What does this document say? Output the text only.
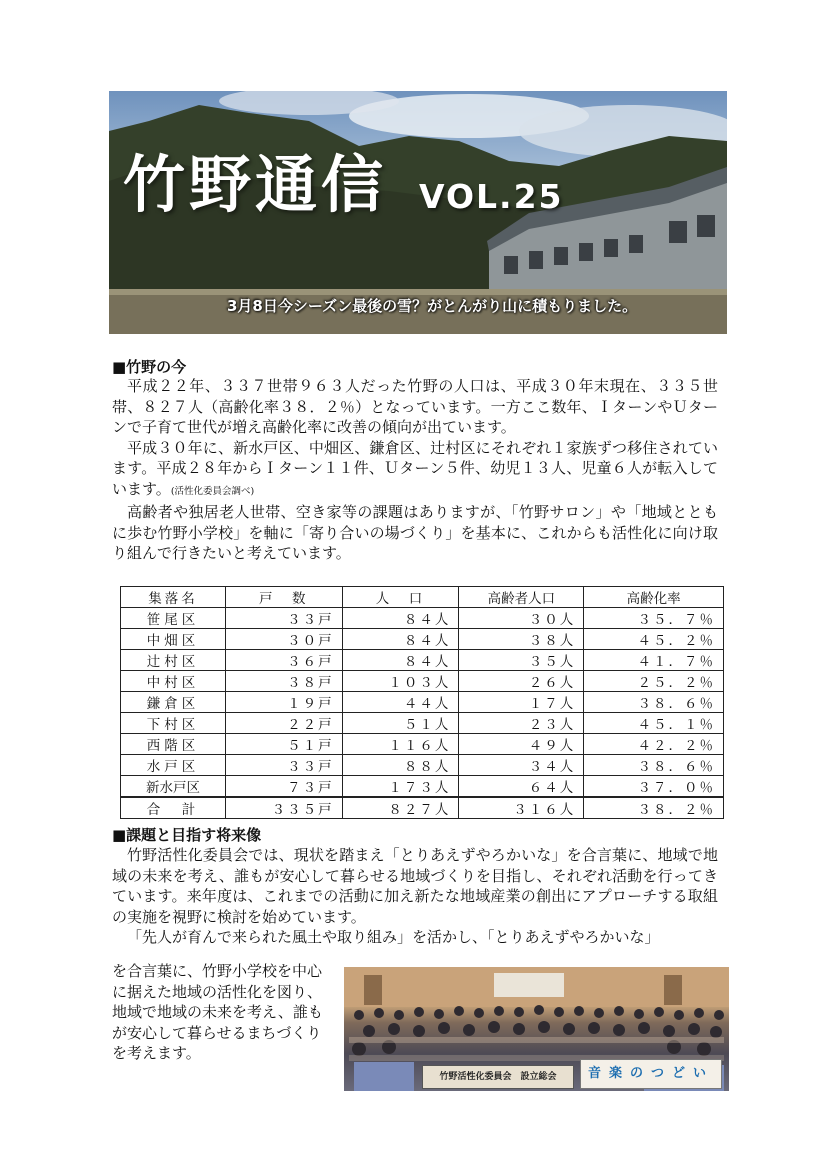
竹野通信 VOL.25
3月8日今シーズン最後の雪？がとんがり山に積もりました。
■竹野の今

平成２２年、３３７世帯９６３人だった竹野の人口は、平成３０年末現在、３３５世帯、８２７人（高齢化率３８．２％）となっています。一方ここ数年、ＩターンやＵターンで子育て世代が増え高齢化率に改善の傾向が出ています。

平成３０年に、新水戸区、中畑区、鎌倉区、辻村区にそれぞれ１家族ずつ移住されています。平成２８年からＩターン１１件、Ｕターン５件、幼児１３人、児童６人が転入しています。(活性化委員会調べ)

高齢者や独居老人世帯、空き家等の課題はありますが、「竹野サロン」や「地域とともに歩む竹野小学校」を軸に「寄り合いの場づくり」を基本に、これからも活性化に向け取り組んで行きたいと考えています。

集落名	戸　数	人　口	高齢者人口	高齢化率
笹尾区	３３戸	８４人	３０人	３５．７％
中畑区	３０戸	８４人	３８人	４５．２％
辻村区	３６戸	８４人	３５人	４１．７％
中村区	３８戸	１０３人	２６人	２５．２％
鎌倉区	１９戸	４４人	１７人	３８．６％
下村区	２２戸	５１人	２３人	４５．１％
西階区	５１戸	１１６人	４９人	４２．２％
水戸区	３３戸	８８人	３４人	３８．６％
新水戸区	７３戸	１７３人	６４人	３７．０％
合　計	３３５戸	８２７人	３１６人	３８．２％
■課題と目指す将来像

竹野活性化委員会では、現状を踏まえ「とりあえずやろかいな」を合言葉に、地域で地域の未来を考え、誰もが安心して暮らせる地域づくりを目指し、それぞれ活動を行ってきています。来年度は、これまでの活動に加え新たな地域産業の創出にアプローチする取組の実施を視野に検討を始めています。

「先人が育んで来られた風土や取り組み」を活かし、「とりあえずやろかいな」

を合言葉に、竹野小学校を中心に据えた地域の活性化を図り、地域で地域の未来を考え、誰もが安心して暮らせるまちづくりを考えます。
竹野活性化委員会　設立総会	音楽のつどい
